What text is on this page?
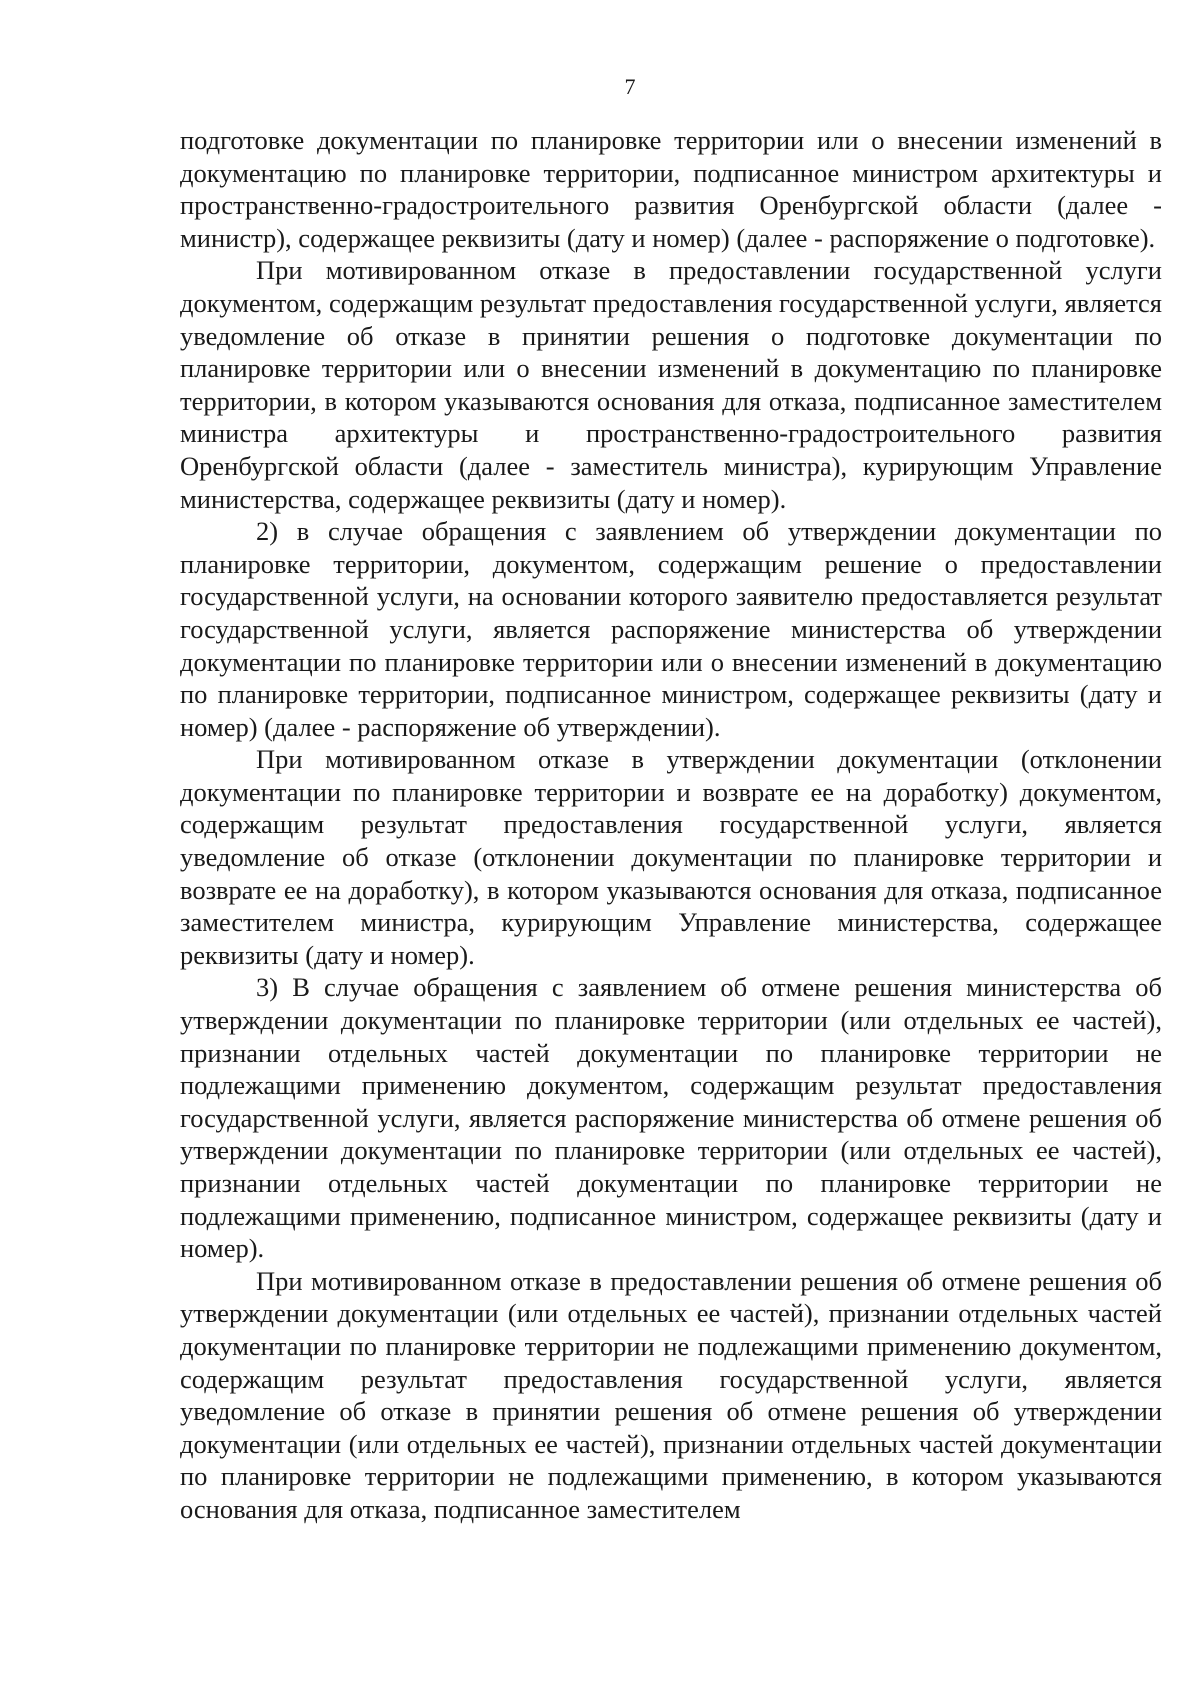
7

подготовке документации по планировке территории или о внесении изменений в документацию по планировке территории, подписанное министром архитектуры и пространственно-градостроительного развития Оренбургской области (далее - министр), содержащее реквизиты (дату и номер) (далее - распоряжение о подготовке).

При мотивированном отказе в предоставлении государственной услуги документом, содержащим результат предоставления государственной услуги, является уведомление об отказе в принятии решения о подготовке документации по планировке территории или о внесении изменений в документацию по планировке территории, в котором указываются основания для отказа, подписанное заместителем министра архитектуры и пространственно-градостроительного развития Оренбургской области (далее - заместитель министра), курирующим Управление министерства, содержащее реквизиты (дату и номер).

2) в случае обращения с заявлением об утверждении документации по планировке территории, документом, содержащим решение о предоставлении государственной услуги, на основании которого заявителю предоставляется результат государственной услуги, является распоряжение министерства об утверждении документации по планировке территории или о внесении изменений в документацию по планировке территории, подписанное министром, содержащее реквизиты (дату и номер) (далее - распоряжение об утверждении).

При мотивированном отказе в утверждении документации (отклонении документации по планировке территории и возврате ее на доработку) документом, содержащим результат предоставления государственной услуги, является уведомление об отказе (отклонении документации по планировке территории и возврате ее на доработку), в котором указываются основания для отказа, подписанное заместителем министра, курирующим Управление министерства, содержащее реквизиты (дату и номер).

3) В случае обращения с заявлением об отмене решения министерства об утверждении документации по планировке территории (или отдельных ее частей), признании отдельных частей документации по планировке территории не подлежащими применению документом, содержащим результат предоставления государственной услуги, является распоряжение министерства об отмене решения об утверждении документации по планировке территории (или отдельных ее частей), признании отдельных частей документации по планировке территории не подлежащими применению, подписанное министром, содержащее реквизиты (дату и номер).

При мотивированном отказе в предоставлении решения об отмене решения об утверждении документации (или отдельных ее частей), признании отдельных частей документации по планировке территории не подлежащими применению документом, содержащим результат предоставления государственной услуги, является уведомление об отказе в принятии решения об отмене решения об утверждении документации (или отдельных ее частей), признании отдельных частей документации по планировке территории не подлежащими применению, в котором указываются основания для отказа, подписанное заместителем
